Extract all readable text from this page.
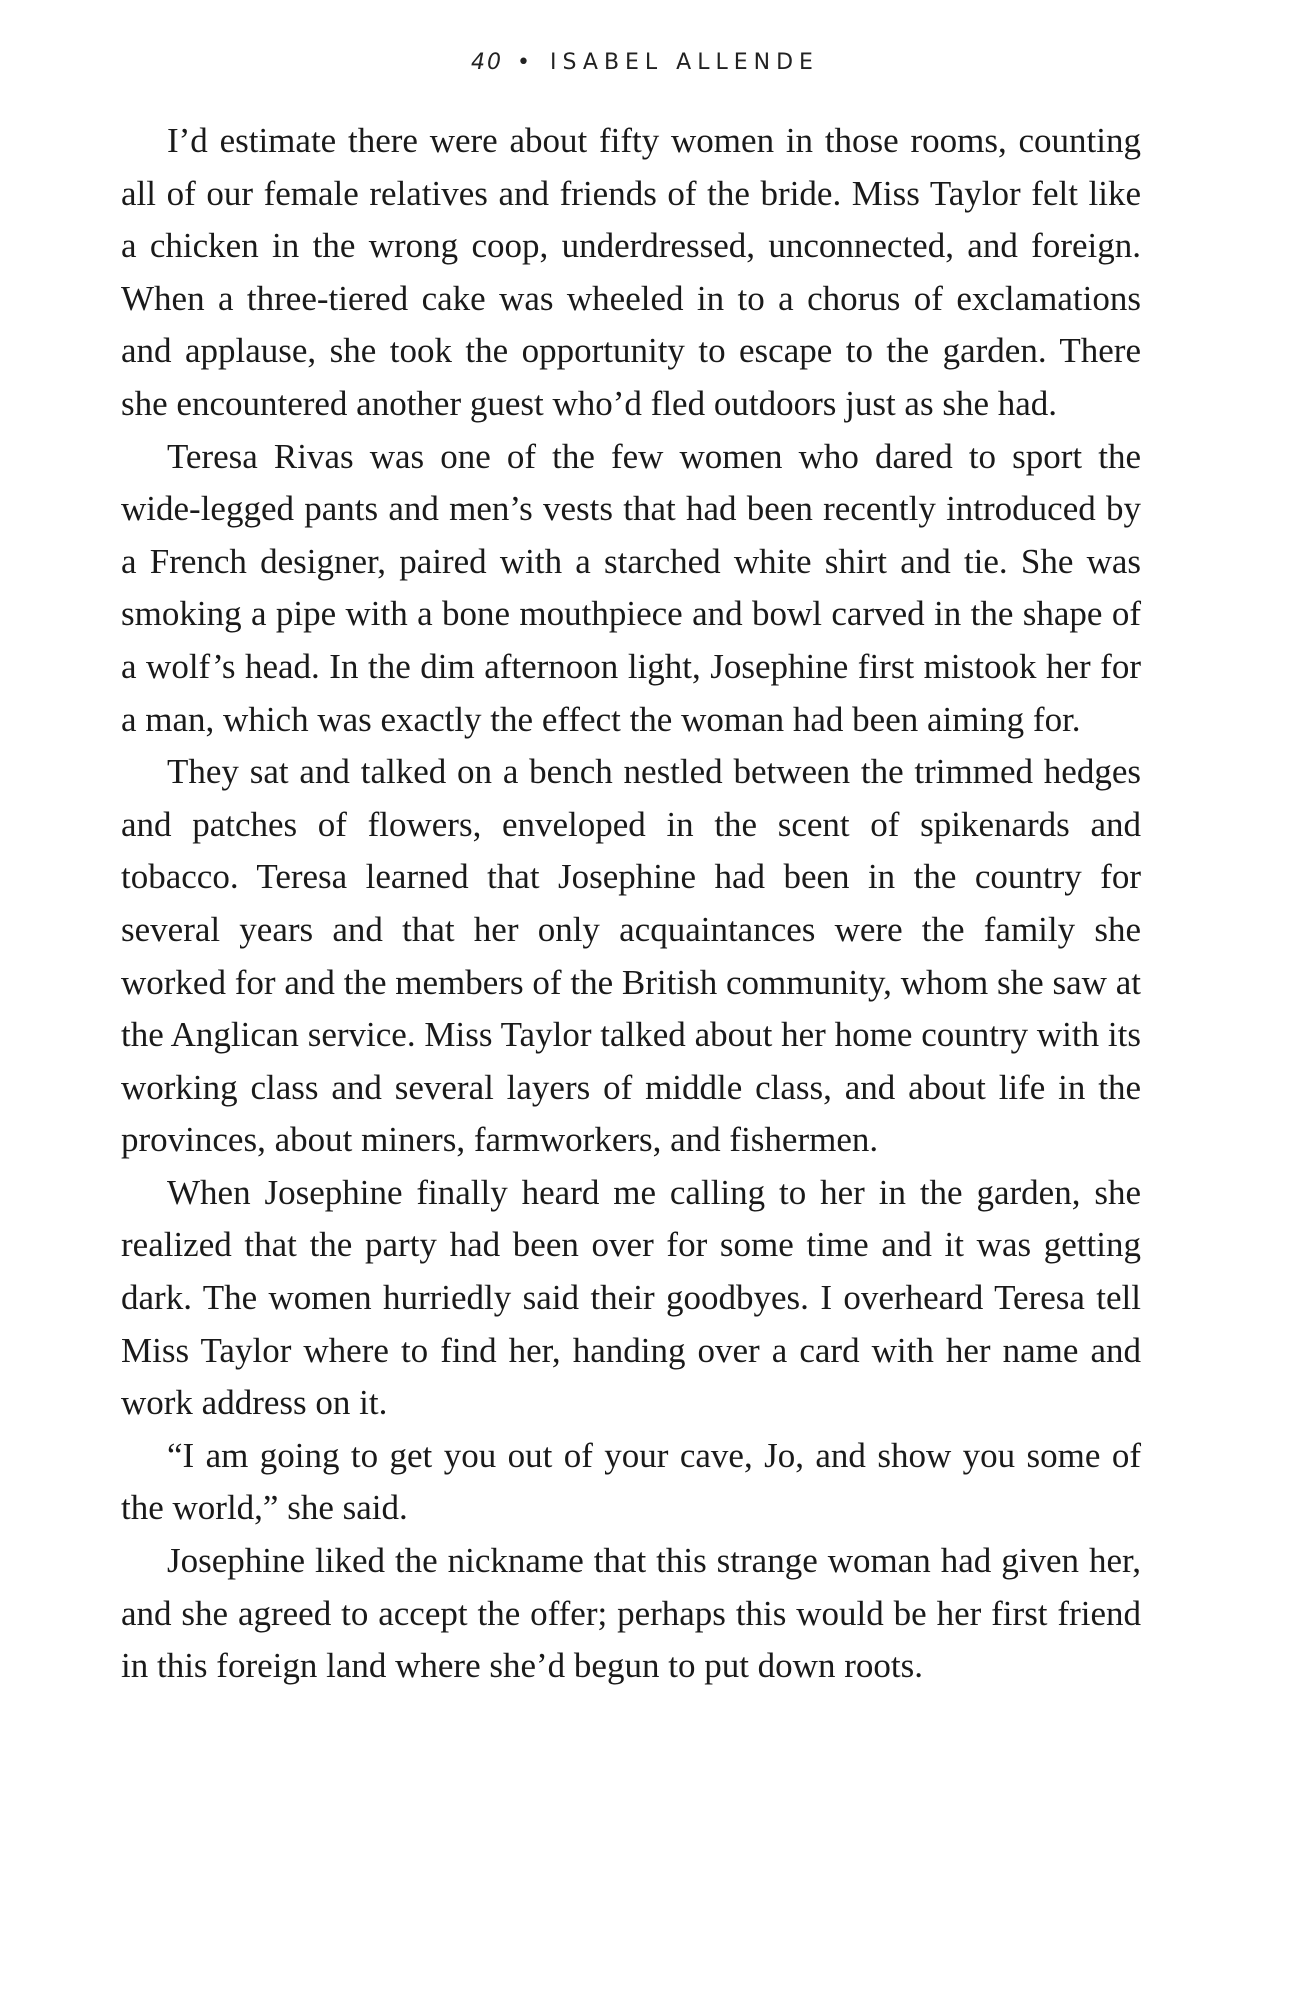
40 • ISABEL ALLENDE

I’d estimate there were about fifty women in those rooms, counting all of our female relatives and friends of the bride. Miss Taylor felt like a chicken in the wrong coop, underdressed, unconnected, and foreign. When a three-tiered cake was wheeled in to a chorus of exclamations and applause, she took the opportunity to escape to the garden. There she encountered another guest who’d fled outdoors just as she had.

Teresa Rivas was one of the few women who dared to sport the wide-legged pants and men’s vests that had been recently introduced by a French designer, paired with a starched white shirt and tie. She was smoking a pipe with a bone mouthpiece and bowl carved in the shape of a wolf’s head. In the dim afternoon light, Josephine first mistook her for a man, which was exactly the effect the woman had been aiming for.

They sat and talked on a bench nestled between the trimmed hedges and patches of flowers, enveloped in the scent of spikenards and tobacco. Teresa learned that Josephine had been in the country for several years and that her only acquaintances were the family she worked for and the members of the British community, whom she saw at the Anglican service. Miss Taylor talked about her home country with its working class and several layers of middle class, and about life in the provinces, about miners, farmworkers, and fishermen.

When Josephine finally heard me calling to her in the garden, she realized that the party had been over for some time and it was getting dark. The women hurriedly said their goodbyes. I overheard Teresa tell Miss Taylor where to find her, handing over a card with her name and work address on it.

“I am going to get you out of your cave, Jo, and show you some of the world,” she said.

Josephine liked the nickname that this strange woman had given her, and she agreed to accept the offer; perhaps this would be her first friend in this foreign land where she’d begun to put down roots.
